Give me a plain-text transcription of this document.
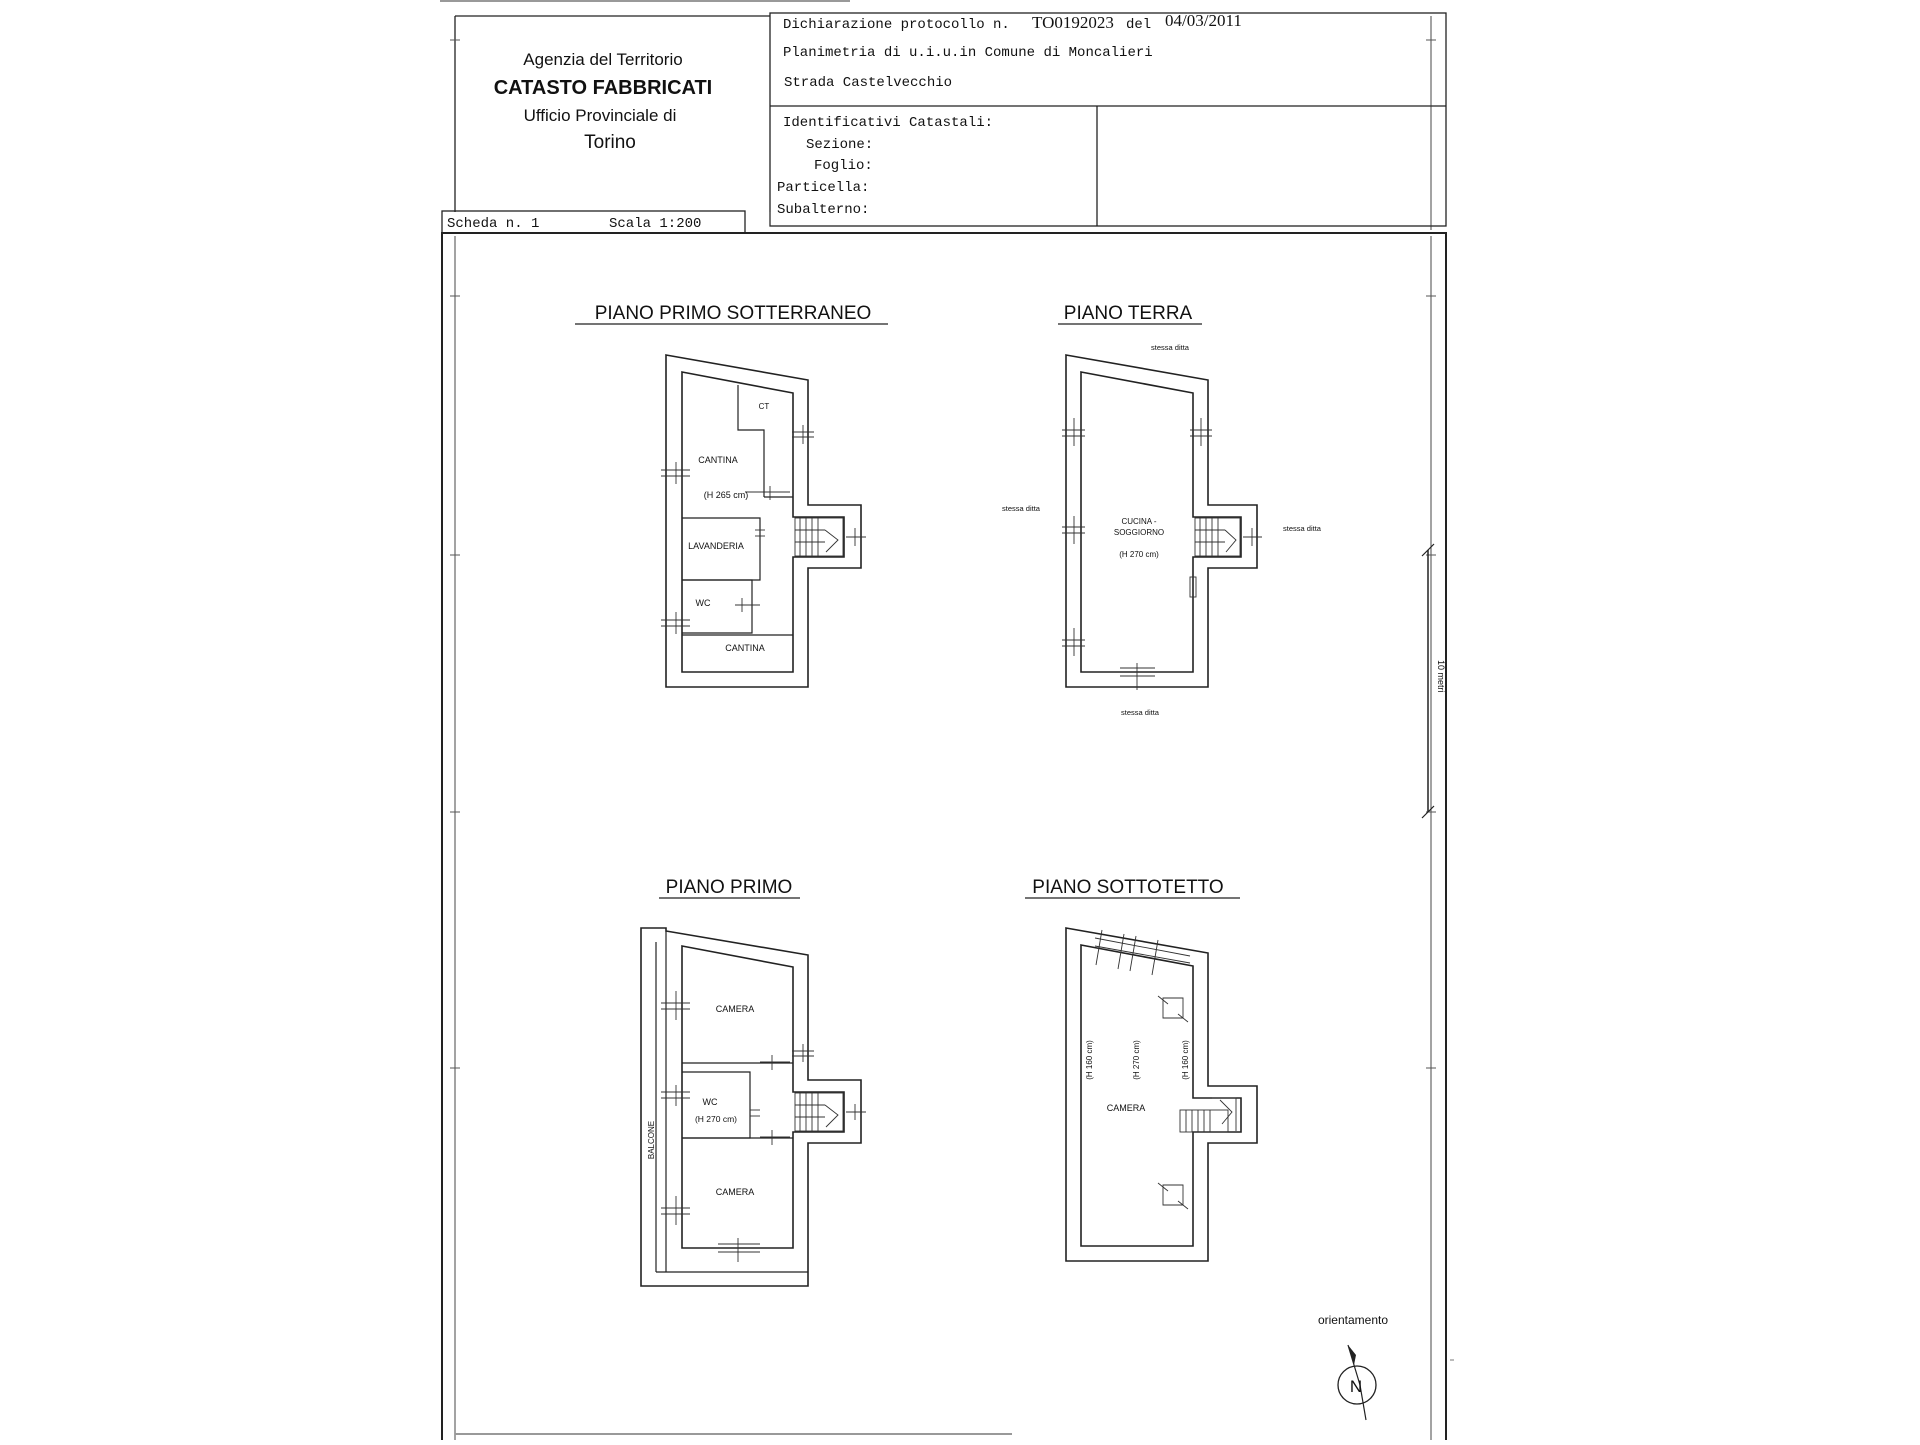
Agenzia del Territorio
CATASTO FABBRICATI
Ufficio Provinciale di
Torino
Dichiarazione protocollo n. TO0192023 del 04/03/2011
Planimetria di u.i.u.in Comune di Moncalieri
Strada Castelvecchio
Identificativi Catastali:
Sezione:
Foglio:
Particella:
Subalterno:
Scheda n. 1	Scala 1:200
10 metri
PIANO PRIMO SOTTERRANEO
CT
CANTINA
(H 265 cm)
LAVANDERIA
WC
CANTINA
PIANO TERRA
CUCINA -
SOGGIORNO
(H 270 cm)
stessa ditta
stessa ditta
stessa ditta
stessa ditta
PIANO PRIMO
CAMERA
WC
(H 270 cm)
CAMERA
BALCONE
PIANO SOTTOTETTO
CAMERA
(H 160 cm)	(H 270 cm)	(H 160 cm)
orientamento
N
